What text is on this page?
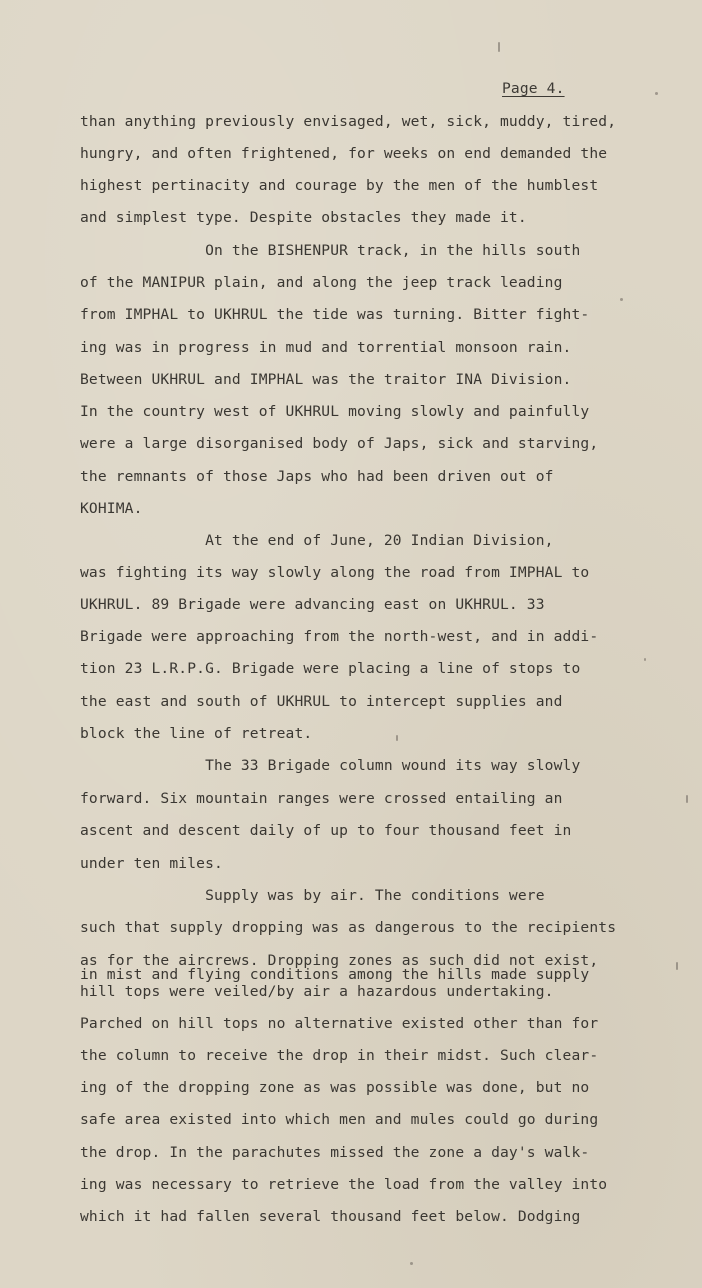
Page 4.
than anything previously envisaged, wet, sick, muddy, tired,
hungry, and often frightened, for weeks on end demanded the
highest pertinacity and courage by the men of the humblest
and simplest type. Despite obstacles they made it.
On the BISHENPUR track, in the hills south
of the MANIPUR plain, and along the jeep track leading
from IMPHAL to UKHRUL the tide was turning. Bitter fight-
ing was in progress in mud and torrential monsoon rain.
Between UKHRUL and IMPHAL was the traitor INA Division.
In the country west of UKHRUL moving slowly and painfully
were a large disorganised body of Japs, sick and starving,
the remnants of those Japs who had been driven out of
KOHIMA.
At the end of June, 20 Indian Division,
was fighting its way slowly along the road from IMPHAL to
UKHRUL. 89 Brigade were advancing east on UKHRUL. 33
Brigade were approaching from the north-west, and in addi-
tion 23 L.R.P.G. Brigade were placing a line of stops to
the east and south of UKHRUL to intercept supplies and
block the line of retreat.
The 33 Brigade column wound its way slowly
forward. Six mountain ranges were crossed entailing an
ascent and descent daily of up to four thousand feet in
under ten miles.
Supply was by air. The conditions were
such that supply dropping was as dangerous to the recipients
as for the aircrews. Dropping zones as such did not exist,
in mist and flying conditions among the hills made supply
hill tops were veiled/by air a hazardous undertaking.
Parched on hill tops no alternative existed other than for
the column to receive the drop in their midst. Such clear-
ing of the dropping zone as was possible was done, but no
safe area existed into which men and mules could go during
the drop. In the parachutes missed the zone a day's walk-
ing was necessary to retrieve the load from the valley into
which it had fallen several thousand feet below. Dodging
